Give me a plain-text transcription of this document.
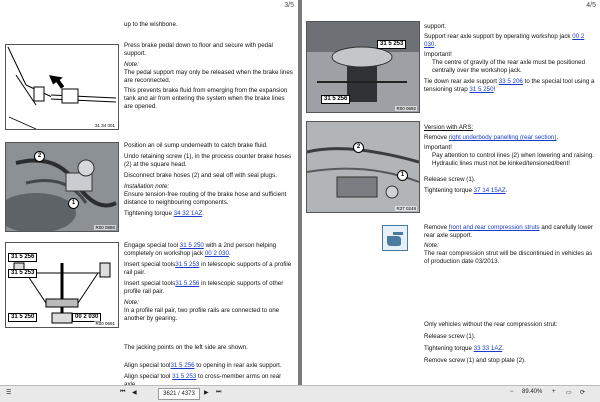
3/5
up to the wishbone.
31 34 001

Press brake pedal down to floor and secure with pedal support.

Note:

The pedal support may only be released when the brake lines are reconnected.

This prevents brake fluid from emerging from the expansion tank and air from entering the system when the brake lines are opened.

2
1
R00 0886

Position an oil sump underneath to catch brake fluid.

Undo retaining screw (1), in the process counter brake hoses (2) at the square head.

Disconnect brake hoses (2) and seal off with seal plugs.

Installation note:

Ensure tension-free routing of the brake hose and sufficient distance to neighbouring components.

Tightening torque 34 32 1AZ.

31 5 256
31 5 253
31 5 250	00 2 030
R00 0691

Engage special tool 31 5 250 with a 2nd person helping completely on workshop jack 00 2 030.

Insert special tools31 5 253 in telescopic supports of a profile rail pair.

Insert special tools31 5 256 in telescopic supports of other profile rail pair.

Note:

In a profile rail pair, two profile rails are connected to one another by gearing.

The jacking points on the left side are shown.

Align special tool31 5 256 to opening in rear axle support.

Align special tool 31 5 253 to cross-member arms on rear axle

4/5
31 5 253
31 5 256
R00 0692

support.

Support rear axle support by operating workshop jack 00 2 030.

Important!

The centre of gravity of the rear axle must be positioned centrally over the workshop jack.

Tie down rear axle support 33 5 206 to the special tool using a tensioning strap 31 5 250!

2
1
R37 0248

Version with ARS:

Remove right underbody panelling (rear section).

Important!

Pay attention to control lines (2) when lowering and raising. Hydraulic lines must not be kinked/tensioned/bent!

Release screw (1).

Tightening torque 37 14 15AZ.

Remove front and rear compression struts and carefully lower rear axle support.

Note:

The rear compression strut will be discontinued in vehicles as of production date 03/2013.

Only vehicles without the rear compression strut:

Release screw (1).

Tightening torque 33 33 1AZ.

Remove screw (1) and stop plate (2).

☰	⏮ ◀	3621 / 4373	▶ ⏭	− 89.40% + ▭ ⟳
